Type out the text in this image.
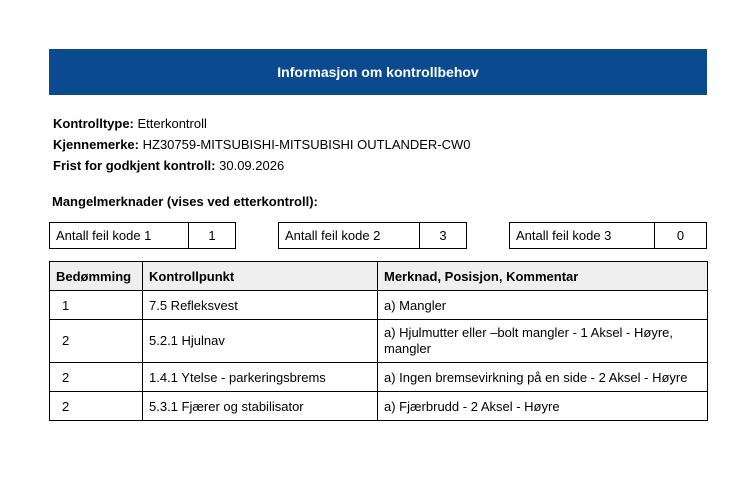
Informasjon om kontrollbehov
Kontrolltype: Etterkontroll
Kjennemerke: HZ30759-MITSUBISHI-MITSUBISHI OUTLANDER-CW0
Frist for godkjent kontroll: 30.09.2026
Mangelmerknader (vises ved etterkontroll):
Antall feil kode 1	1	Antall feil kode 2	3	Antall feil kode 3	0
Bedømming	Kontrollpunkt	Merknad, Posisjon, Kommentar
1	7.5 Refleksvest	a) Mangler
2	5.2.1 Hjulnav	a) Hjulmutter eller –bolt mangler - 1 Aksel - Høyre, mangler
2	1.4.1 Ytelse - parkeringsbrems	a) Ingen bremsevirkning på en side - 2 Aksel - Høyre
2	5.3.1 Fjærer og stabilisator	a) Fjærbrudd - 2 Aksel - Høyre
